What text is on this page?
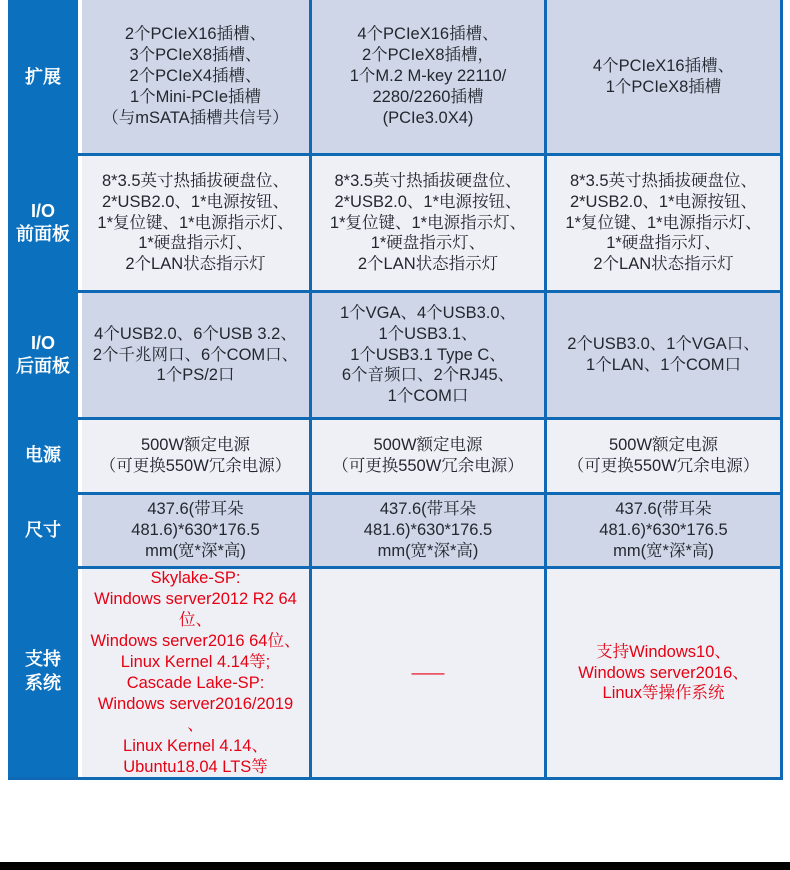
扩展
2个PCIeX16插槽、
3个PCIeX8插槽、
2个PCIeX4插槽、
1个Mini-PCIe插槽
（与mSATA插槽共信号）
4个PCIeX16插槽、
2个PCIeX8插槽，
1个M.2 M-key 22110/
2280/2260插槽
(PCIe3.0X4)
4个PCIeX16插槽、
1个PCIeX8插槽
I/O
前面板
8*3.5英寸热插拔硬盘位、
2*USB2.0、1*电源按钮、
1*复位键、1*电源指示灯、
1*硬盘指示灯、
2个LAN状态指示灯
8*3.5英寸热插拔硬盘位、
2*USB2.0、1*电源按钮、
1*复位键、1*电源指示灯、
1*硬盘指示灯、
2个LAN状态指示灯
8*3.5英寸热插拔硬盘位、
2*USB2.0、1*电源按钮、
1*复位键、1*电源指示灯、
1*硬盘指示灯、
2个LAN状态指示灯
I/O
后面板
4个USB2.0、6个USB 3.2、
2个千兆网口、6个COM口、
1个PS/2口
1个VGA、4个USB3.0、
1个USB3.1、
1个USB3.1 Type C、
6个音频口、2个RJ45、
1个COM口
2个USB3.0、1个VGA口、
1个LAN、1个COM口
电源
500W额定电源
（可更换550W冗余电源）
500W额定电源
（可更换550W冗余电源）
500W额定电源
（可更换550W冗余电源）
尺寸
437.6(带耳朵481.6)*630*176.5
mm(宽*深*高)
437.6(带耳朵481.6)*630*176.5
mm(宽*深*高)
437.6(带耳朵481.6)*630*176.5
mm(宽*深*高)
支持
系统
Skylake-SP:
Windows server2012 R2 64位、
Windows server2016 64位、
Linux Kernel 4.14等;
Cascade Lake-SP:
Windows server2016/2019 、
Linux Kernel 4.14、
Ubuntu18.04 LTS等
——
支持Windows10、
Windows server2016、
Linux等操作系统
